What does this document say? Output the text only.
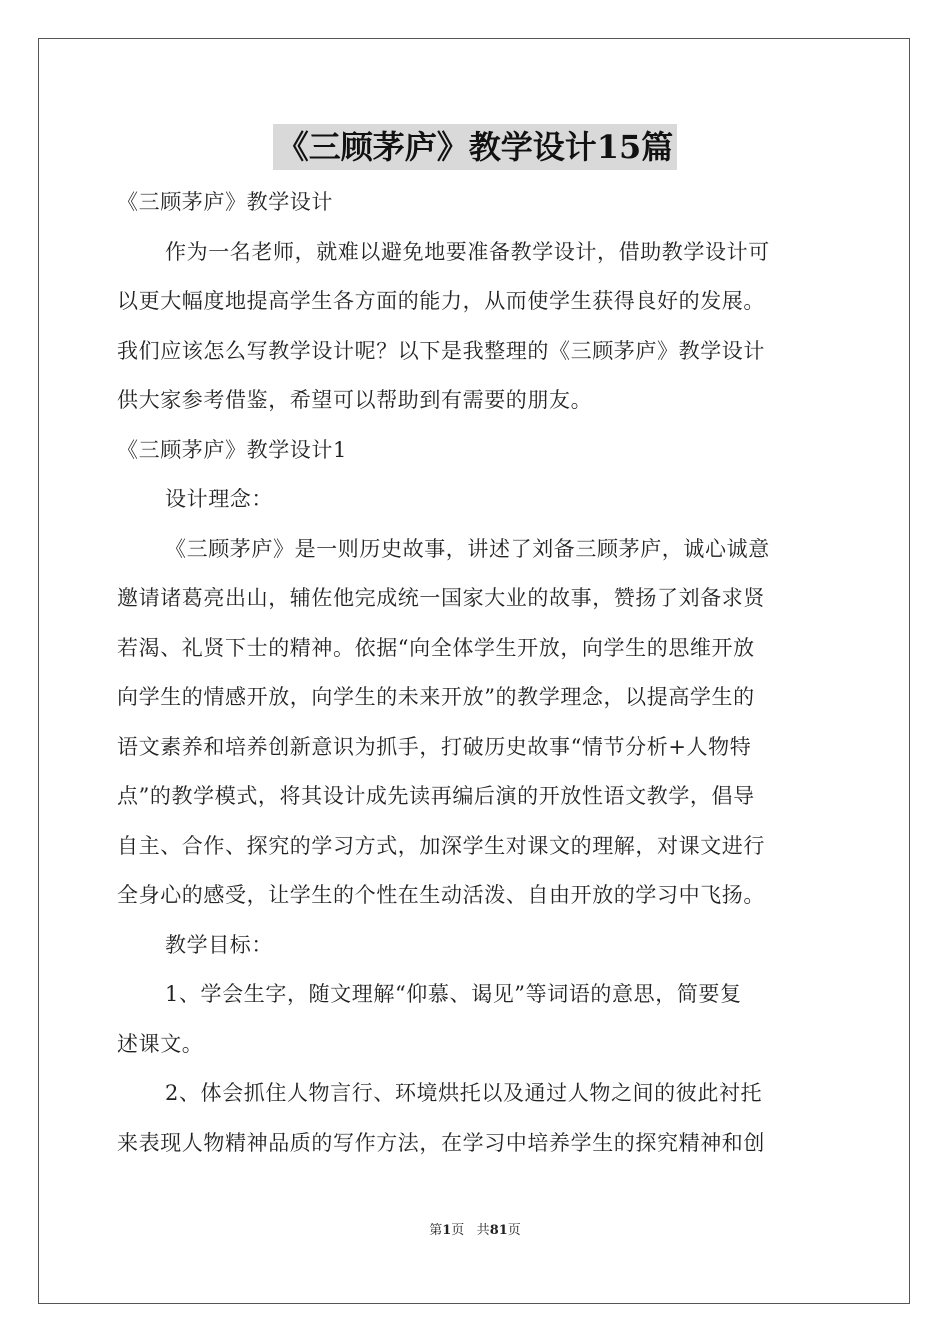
《三顾茅庐》教学设计15篇
《三顾茅庐》教学设计
作为一名老师，就难以避免地要准备教学设计，借助教学设计可
以更大幅度地提高学生各方面的能力，从而使学生获得良好的发展。
我们应该怎么写教学设计呢？以下是我整理的《三顾茅庐》教学设计
供大家参考借鉴，希望可以帮助到有需要的朋友。
《三顾茅庐》教学设计1
设计理念：
《三顾茅庐》是一则历史故事，讲述了刘备三顾茅庐，诚心诚意
邀请诸葛亮出山，辅佐他完成统一国家大业的故事，赞扬了刘备求贤
若渴、礼贤下士的精神。依据“向全体学生开放，向学生的思维开放
向学生的情感开放，向学生的未来开放”的教学理念，以提高学生的
语文素养和培养创新意识为抓手，打破历史故事“情节分析+人物特
点”的教学模式，将其设计成先读再编后演的开放性语文教学，倡导
自主、合作、探究的学习方式，加深学生对课文的理解，对课文进行
全身心的感受，让学生的个性在生动活泼、自由开放的学习中飞扬。
教学目标：
1、学会生字，随文理解“仰慕、谒见”等词语的意思，简要复
述课文。
2、体会抓住人物言行、环境烘托以及通过人物之间的彼此衬托
来表现人物精神品质的写作方法，在学习中培养学生的探究精神和创
第1页 共81页
